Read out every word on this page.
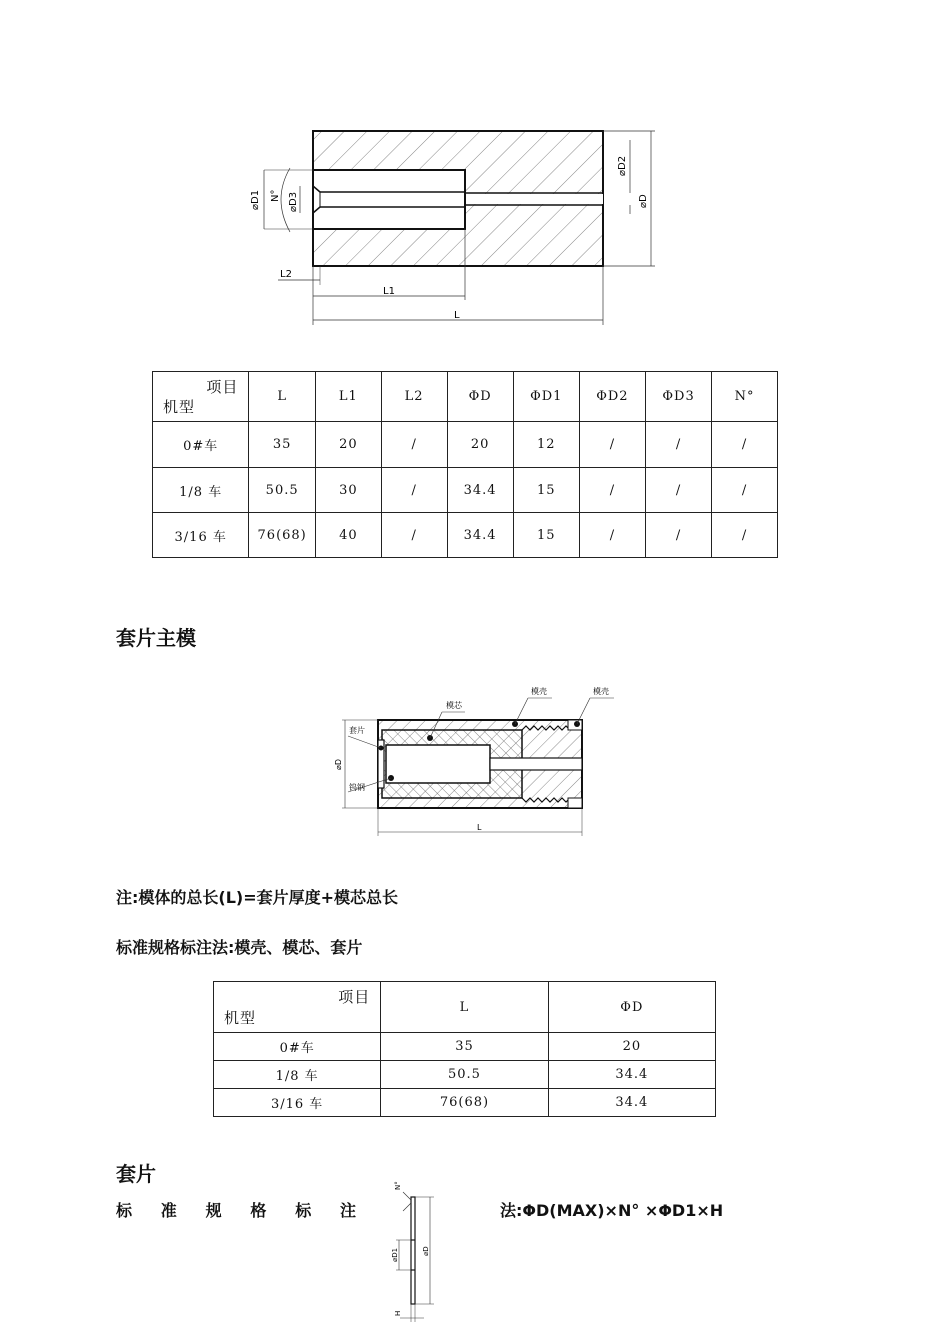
⌀D2
⌀D
⌀D1 N° ⌀D3
L2
L1
L
项目
机型	L	L1	L2	ΦD	ΦD1	ΦD2	ΦD3	N°
0#车	35	20	/	20	12	/	/	/
1/8 车	50.5	30	/	34.4	15	/	/	/
3/16 车	76(68)	40	/	34.4	15	/	/	/
套片主模
模芯
模壳	模壳
套片
钨钢
⌀D
L
注:模体的总长(L)=套片厚度+模芯总长
标准规格标注法:模壳、模芯、套片
项目
机型	L	ΦD
0#车	35	20
1/8 车	50.5	34.4
3/16 车	76(68)	34.4
套片
标 准 规 格 标 注	法:ΦD(MAX)×N° ×ΦD1×H
N°
⌀D
⌀D1
H
